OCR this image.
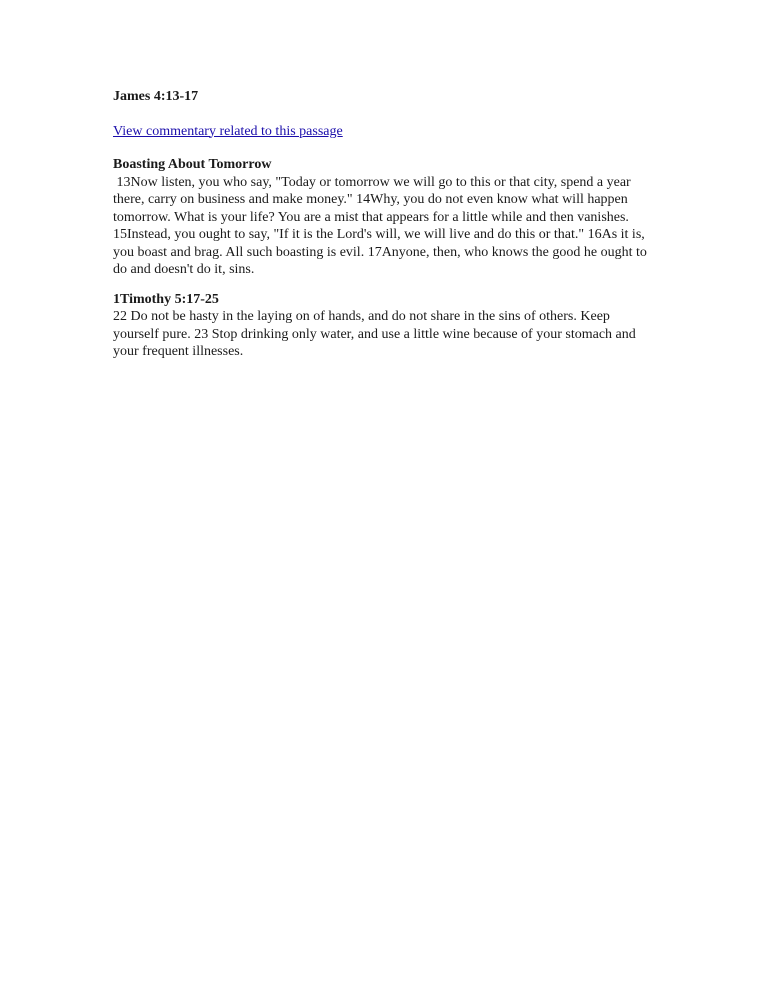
James 4:13-17

View commentary related to this passage

Boasting About Tomorrow

13Now listen, you who say, "Today or tomorrow we will go to this or that city, spend a year there, carry on business and make money." 14Why, you do not even know what will happen tomorrow. What is your life? You are a mist that appears for a little while and then vanishes. 15Instead, you ought to say, "If it is the Lord's will, we will live and do this or that." 16As it is, you boast and brag. All such boasting is evil. 17Anyone, then, who knows the good he ought to do and doesn't do it, sins.

1Timothy 5:17-25

22 Do not be hasty in the laying on of hands, and do not share in the sins of others. Keep yourself pure. 23 Stop drinking only water, and use a little wine because of your stomach and your frequent illnesses.
